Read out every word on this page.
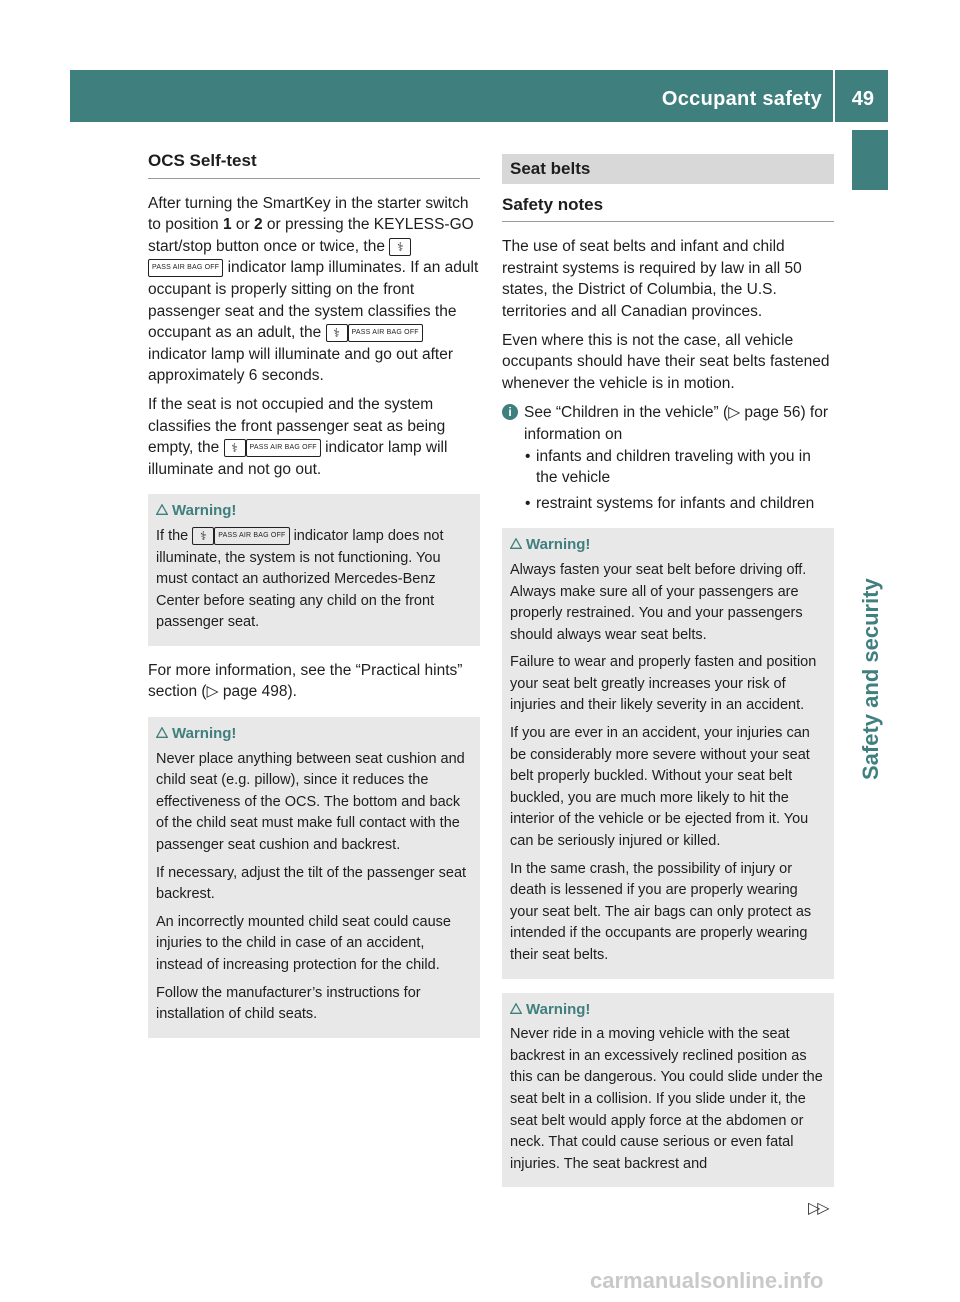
Occupant safety 49
Safety and security
OCS Self-test

After turning the SmartKey in the starter switch to position 1 or 2 or pressing the KEYLESS-GO start/stop button once or twice, the ⚕PASS AIR BAG OFF indicator lamp illuminates. If an adult occupant is properly sitting on the front passenger seat and the system classifies the occupant as an adult, the ⚕ PASS AIR BAG OFF indicator lamp will illuminate and go out after approximately 6 seconds.

If the seat is not occupied and the system classifies the front passenger seat as being empty, the ⚕ PASS AIR BAG OFF indicator lamp will illuminate and not go out.

Warning!

If the ⚕ PASS AIR BAG OFF indicator lamp does not illuminate, the system is not functioning. You must contact an authorized Mercedes-Benz Center before seating any child on the front passenger seat.

For more information, see the “Practical hints” section (▷ page 498).

Warning!

Never place anything between seat cushion and child seat (e.g. pillow), since it reduces the effectiveness of the OCS. The bottom and back of the child seat must make full contact with the passenger seat cushion and backrest.

If necessary, adjust the tilt of the passenger seat backrest.

An incorrectly mounted child seat could cause injuries to the child in case of an accident, instead of increasing protection for the child.

Follow the manufacturer’s instructions for installation of child seats.

Seat belts
Safety notes

The use of seat belts and infant and child restraint systems is required by law in all 50 states, the District of Columbia, the U.S. territories and all Canadian provinces.

Even where this is not the case, all vehicle occupants should have their seat belts fastened whenever the vehicle is in motion.

i See “Children in the vehicle” (▷ page 56) for information on
• infants and children traveling with you in the vehicle
• restraint systems for infants and children
Warning!

Always fasten your seat belt before driving off. Always make sure all of your passengers are properly restrained. You and your passengers should always wear seat belts.

Failure to wear and properly fasten and position your seat belt greatly increases your risk of injuries and their likely severity in an accident.

If you are ever in an accident, your injuries can be considerably more severe without your seat belt properly buckled. Without your seat belt buckled, you are much more likely to hit the interior of the vehicle or be ejected from it. You can be seriously injured or killed.

In the same crash, the possibility of injury or death is lessened if you are properly wearing your seat belt. The air bags can only protect as intended if the occupants are properly wearing their seat belts.

Warning!

Never ride in a moving vehicle with the seat backrest in an excessively reclined position as this can be dangerous. You could slide under the seat belt in a collision. If you slide under it, the seat belt would apply force at the abdomen or neck. That could cause serious or even fatal injuries. The seat backrest and

▷▷
carmanualsonline.info
